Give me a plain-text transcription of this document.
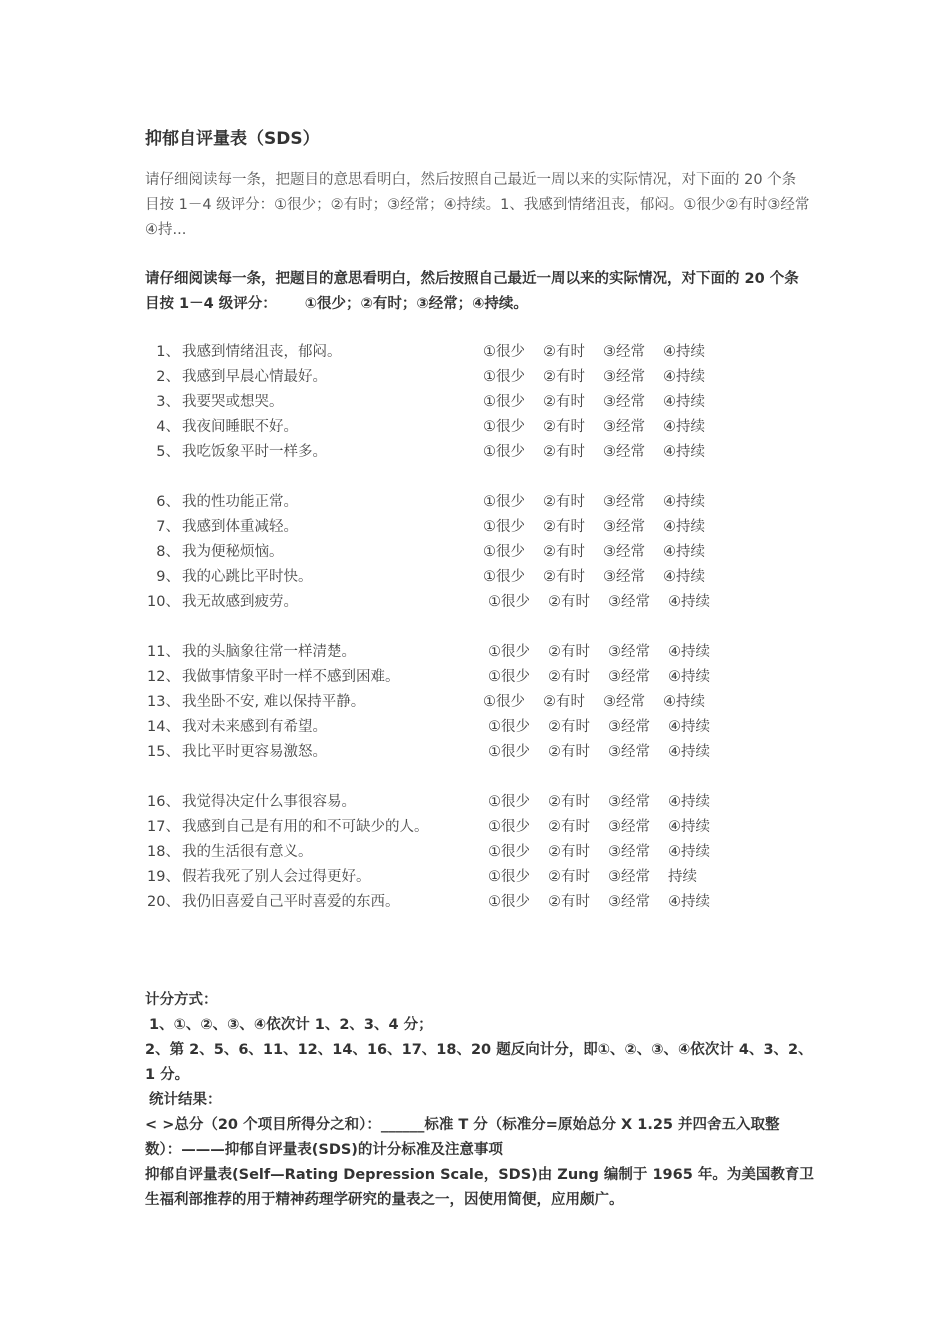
抑郁自评量表（SDS）
请仔细阅读每一条，把题目的意思看明白，然后按照自己最近一周以来的实际情况，对下面的 20 个条目按 1－4 级评分：①很少；②有时；③经常；④持续。1、我感到情绪沮丧，郁闷。①很少②有时③经常④持...
请仔细阅读每一条，把题目的意思看明白，然后按照自己最近一周以来的实际情况，对下面的 20 个条目按 1－4 级评分： ①很少；②有时；③经常；④持续。
1、 我感到情绪沮丧，郁闷。	①很少 ②有时 ③经常 ④持续
2、 我感到早晨心情最好。	①很少 ②有时 ③经常 ④持续
3、 我要哭或想哭。	①很少 ②有时 ③经常 ④持续
4、 我夜间睡眠不好。	①很少 ②有时 ③经常 ④持续
5、 我吃饭象平时一样多。	①很少 ②有时 ③经常 ④持续
6、 我的性功能正常。	①很少 ②有时 ③经常 ④持续
7、 我感到体重减轻。	①很少 ②有时 ③经常 ④持续
8、 我为便秘烦恼。	①很少 ②有时 ③经常 ④持续
9、 我的心跳比平时快。	①很少 ②有时 ③经常 ④持续
10、 我无故感到疲劳。	①很少 ②有时 ③经常 ④持续
11、 我的头脑象往常一样清楚。	①很少 ②有时 ③经常 ④持续
12、 我做事情象平时一样不感到困难。	①很少 ②有时 ③经常 ④持续
13、 我坐卧不安, 难以保持平静。	①很少 ②有时 ③经常 ④持续
14、 我对未来感到有希望。	①很少 ②有时 ③经常 ④持续
15、 我比平时更容易激怒。	①很少 ②有时 ③经常 ④持续
16、 我觉得决定什么事很容易。	①很少 ②有时 ③经常 ④持续
17、 我感到自己是有用的和不可缺少的人。	①很少 ②有时 ③经常 ④持续
18、 我的生活很有意义。	①很少 ②有时 ③经常 ④持续
19、 假若我死了别人会过得更好。	①很少 ②有时 ③经常 持续
20、 我仍旧喜爱自己平时喜爱的东西。	①很少 ②有时 ③经常 ④持续
计分方式：
1、①、②、③、④依次计 1、2、3、4 分；
2、第 2、5、6、11、12、14、16、17、18、20 题反向计分，即①、②、③、④依次计 4、3、2、1 分。
统计结果：
< >总分（20 个项目所得分之和）：______标准 T 分（标准分=原始总分 X 1.25 并四舍五入取整数）：———抑郁自评量表(SDS)的计分标准及注意事项
抑郁自评量表(Self—Rating Depression Scale，SDS)由 Zung 编制于 1965 年。为美国教育卫生福利部推荐的用于精神药理学研究的量表之一，因使用简便，应用颇广。
